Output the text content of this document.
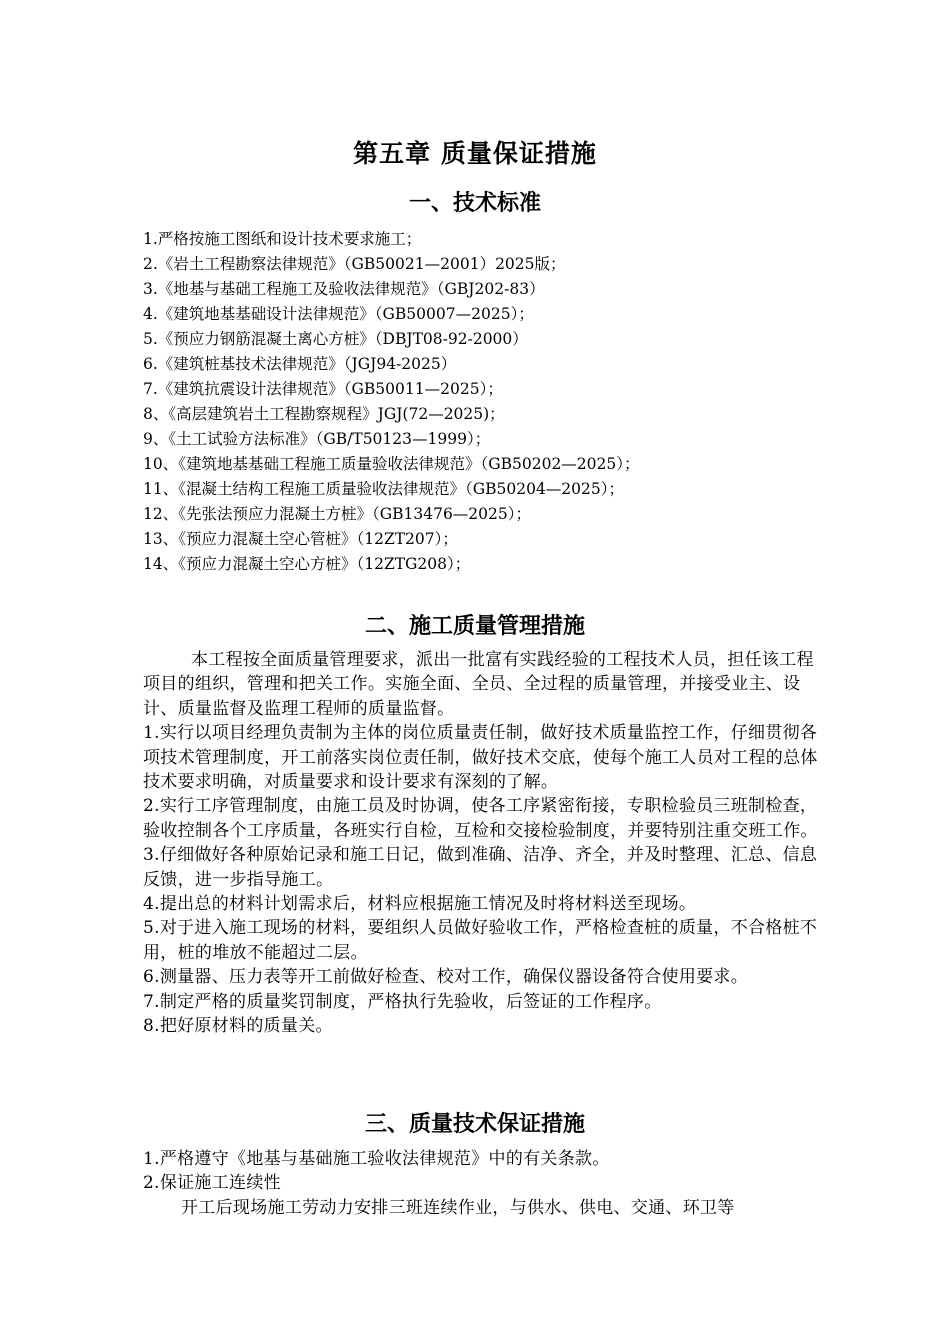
第五章 质量保证措施
一、技术标准
1.严格按施工图纸和设计技术要求施工；
2.《岩土工程勘察法律规范》（GB50021—2001）2025版；
3.《地基与基础工程施工及验收法律规范》（GBJ202-83）
4.《建筑地基基础设计法律规范》（GB50007—2025）；
5.《预应力钢筋混凝土离心方桩》（DBJT08-92-2000）
6.《建筑桩基技术法律规范》（JGJ94-2025）
7.《建筑抗震设计法律规范》（GB50011—2025）；
8、《高层建筑岩土工程勘察规程》JGJ(72—2025)；
9、《土工试验方法标准》（GB/T50123—1999）；
10、《建筑地基基础工程施工质量验收法律规范》（GB50202—2025）；
11、《混凝土结构工程施工质量验收法律规范》（GB50204—2025）；
12、《先张法预应力混凝土方桩》（GB13476—2025）；
13、《预应力混凝土空心管桩》（12ZT207）；
14、《预应力混凝土空心方桩》（12ZTG208）；
二、施工质量管理措施
本工程按全面质量管理要求，派出一批富有实践经验的工程技术人员，担任该工程项目的组织，管理和把关工作。实施全面、全员、全过程的质量管理，并接受业主、设计、质量监督及监理工程师的质量监督。
1.实行以项目经理负责制为主体的岗位质量责任制，做好技术质量监控工作，仔细贯彻各项技术管理制度，开工前落实岗位责任制，做好技术交底，使每个施工人员对工程的总体技术要求明确，对质量要求和设计要求有深刻的了解。
2.实行工序管理制度，由施工员及时协调，使各工序紧密衔接，专职检验员三班制检查，验收控制各个工序质量，各班实行自检，互检和交接检验制度，并要特别注重交班工作。
3.仔细做好各种原始记录和施工日记，做到准确、洁净、齐全，并及时整理、汇总、信息反馈，进一步指导施工。
4.提出总的材料计划需求后，材料应根据施工情况及时将材料送至现场。
5.对于进入施工现场的材料，要组织人员做好验收工作，严格检查桩的质量，不合格桩不用，桩的堆放不能超过二层。
6.测量器、压力表等开工前做好检查、校对工作，确保仪器设备符合使用要求。
7.制定严格的质量奖罚制度，严格执行先验收，后签证的工作程序。
8.把好原材料的质量关。
三、质量技术保证措施
1.严格遵守《地基与基础施工验收法律规范》中的有关条款。
2.保证施工连续性
开工后现场施工劳动力安排三班连续作业，与供水、供电、交通、环卫等
